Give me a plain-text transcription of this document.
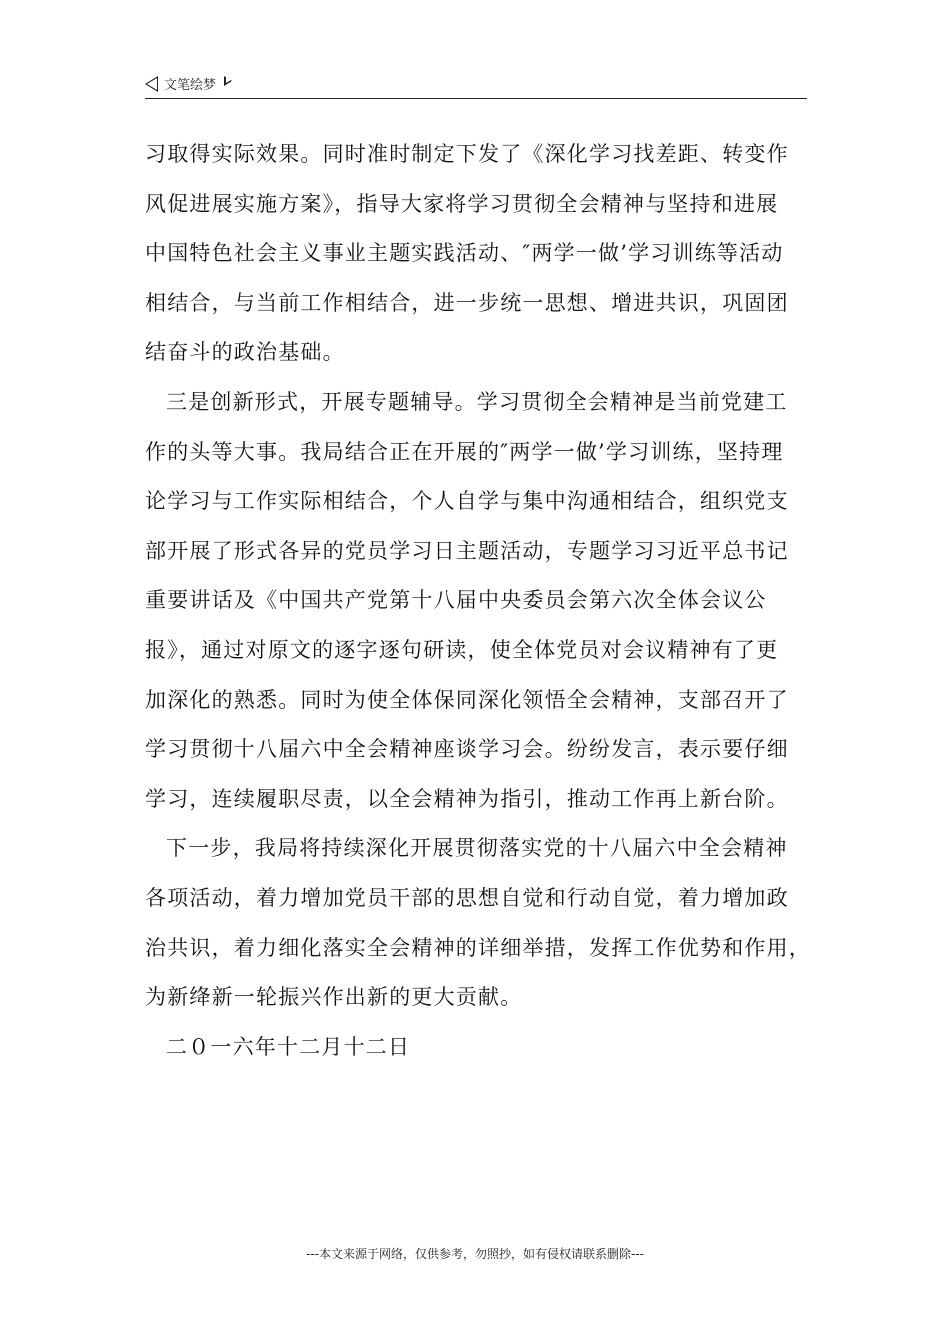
文笔绘梦
习取得实际效果。同时准时制定下发了《深化学习找差距、转变作
风促进展实施方案》，指导大家将学习贯彻全会精神与坚持和进展
中国特色社会主义事业主题实践活动、″两学一做’学习训练等活动
相结合，与当前工作相结合，进一步统一思想、增进共识，巩固团
结奋斗的政治基础。
三是创新形式，开展专题辅导。学习贯彻全会精神是当前党建工
作的头等大事。我局结合正在开展的″两学一做’学习训练，坚持理
论学习与工作实际相结合，个人自学与集中沟通相结合，组织党支
部开展了形式各异的党员学习日主题活动，专题学习习近平总书记
重要讲话及《中国共产党第十八届中央委员会第六次全体会议公
报》，通过对原文的逐字逐句研读，使全体党员对会议精神有了更
加深化的熟悉。同时为使全体保同深化领悟全会精神，支部召开了
学习贯彻十八届六中全会精神座谈学习会。纷纷发言，表示要仔细
学习，连续履职尽责，以全会精神为指引，推动工作再上新台阶。
下一步，我局将持续深化开展贯彻落实党的十八届六中全会精神
各项活动，着力增加党员干部的思想自觉和行动自觉，着力增加政
治共识，着力细化落实全会精神的详细举措，发挥工作优势和作用，
为新绛新一轮振兴作出新的更大贡献。
二０一六年十二月十二日
---本文来源于网络，仅供参考，勿照抄，如有侵权请联系删除---
